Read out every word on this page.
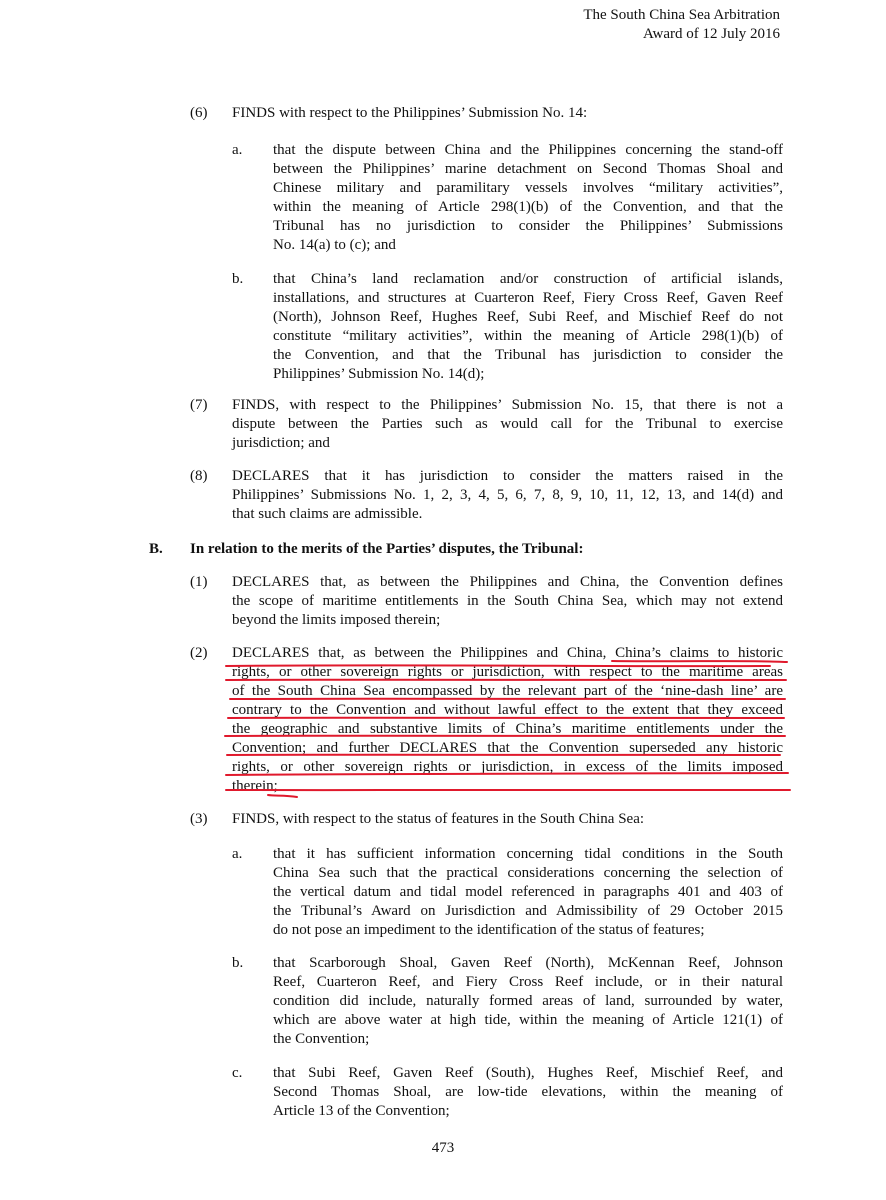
The South China Sea Arbitration
Award of 12 July 2016
(6) FINDS with respect to the Philippines’ Submission No. 14:
a. that the dispute between China and the Philippines concerning the stand-off
between the Philippines’ marine detachment on Second Thomas Shoal and
Chinese military and paramilitary vessels involves “military activities”,
within the meaning of Article 298(1)(b) of the Convention, and that the
Tribunal has no jurisdiction to consider the Philippines’ Submissions
No. 14(a) to (c); and
b. that China’s land reclamation and/or construction of artificial islands,
installations, and structures at Cuarteron Reef, Fiery Cross Reef, Gaven Reef
(North), Johnson Reef, Hughes Reef, Subi Reef, and Mischief Reef do not
constitute “military activities”, within the meaning of Article 298(1)(b) of
the Convention, and that the Tribunal has jurisdiction to consider the
Philippines’ Submission No. 14(d);
(7) FINDS, with respect to the Philippines’ Submission No. 15, that there is not a
dispute between the Parties such as would call for the Tribunal to exercise
jurisdiction; and
(8) DECLARES that it has jurisdiction to consider the matters raised in the
Philippines’ Submissions No. 1, 2, 3, 4, 5, 6, 7, 8, 9, 10, 11, 12, 13, and 14(d) and
that such claims are admissible.
B. In relation to the merits of the Parties’ disputes, the Tribunal:
(1) DECLARES that, as between the Philippines and China, the Convention defines
the scope of maritime entitlements in the South China Sea, which may not extend
beyond the limits imposed therein;
(2) DECLARES that, as between the Philippines and China, China’s claims to historic
rights, or other sovereign rights or jurisdiction, with respect to the maritime areas
of the South China Sea encompassed by the relevant part of the ‘nine-dash line’ are
contrary to the Convention and without lawful effect to the extent that they exceed
the geographic and substantive limits of China’s maritime entitlements under the
Convention; and further DECLARES that the Convention superseded any historic
rights, or other sovereign rights or jurisdiction, in excess of the limits imposed
therein;
(3) FINDS, with respect to the status of features in the South China Sea:
a. that it has sufficient information concerning tidal conditions in the South
China Sea such that the practical considerations concerning the selection of
the vertical datum and tidal model referenced in paragraphs 401 and 403 of
the Tribunal’s Award on Jurisdiction and Admissibility of 29 October 2015
do not pose an impediment to the identification of the status of features;
b. that Scarborough Shoal, Gaven Reef (North), McKennan Reef, Johnson
Reef, Cuarteron Reef, and Fiery Cross Reef include, or in their natural
condition did include, naturally formed areas of land, surrounded by water,
which are above water at high tide, within the meaning of Article 121(1) of
the Convention;
c. that Subi Reef, Gaven Reef (South), Hughes Reef, Mischief Reef, and
Second Thomas Shoal, are low-tide elevations, within the meaning of
Article 13 of the Convention;
473
